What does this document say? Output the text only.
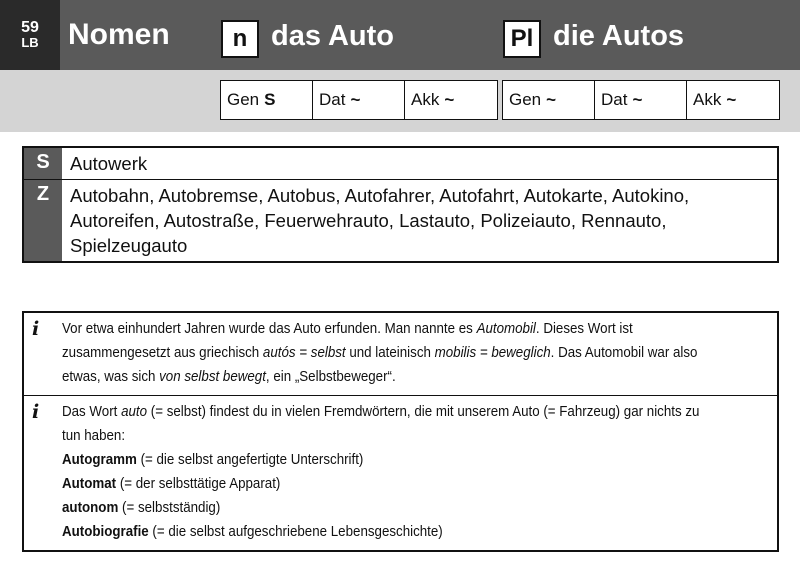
59
LB Nomen	n das Auto	Pl die Autos
Gen S	Dat ~	Akk ~	Gen ~	Dat ~	Akk ~
S	Autowerk
Z	Autobahn, Autobremse, Autobus, Autofahrer, Autofahrt, Autokarte, Autokino, Autoreifen, Autostraße, Feuerwehrauto, Lastauto, Polizeiauto, Rennauto, Spielzeugauto
i	Vor etwa einhundert Jahren wurde das Auto erfunden. Man nannte es Automobil. Dieses Wort ist zusammengesetzt aus griechisch autós = selbst und lateinisch mobilis = beweglich. Das Automobil war also etwas, was sich von selbst bewegt, ein „Selbstbeweger“.
i	Das Wort auto (= selbst) findest du in vielen Fremdwörtern, die mit unserem Auto (= Fahrzeug) gar nichts zu tun haben:
Autogramm (= die selbst angefertigte Unterschrift)
Automat (= der selbsttätige Apparat)
autonom (= selbstständig)
Autobiografie (= die selbst aufgeschriebene Lebensgeschichte)
